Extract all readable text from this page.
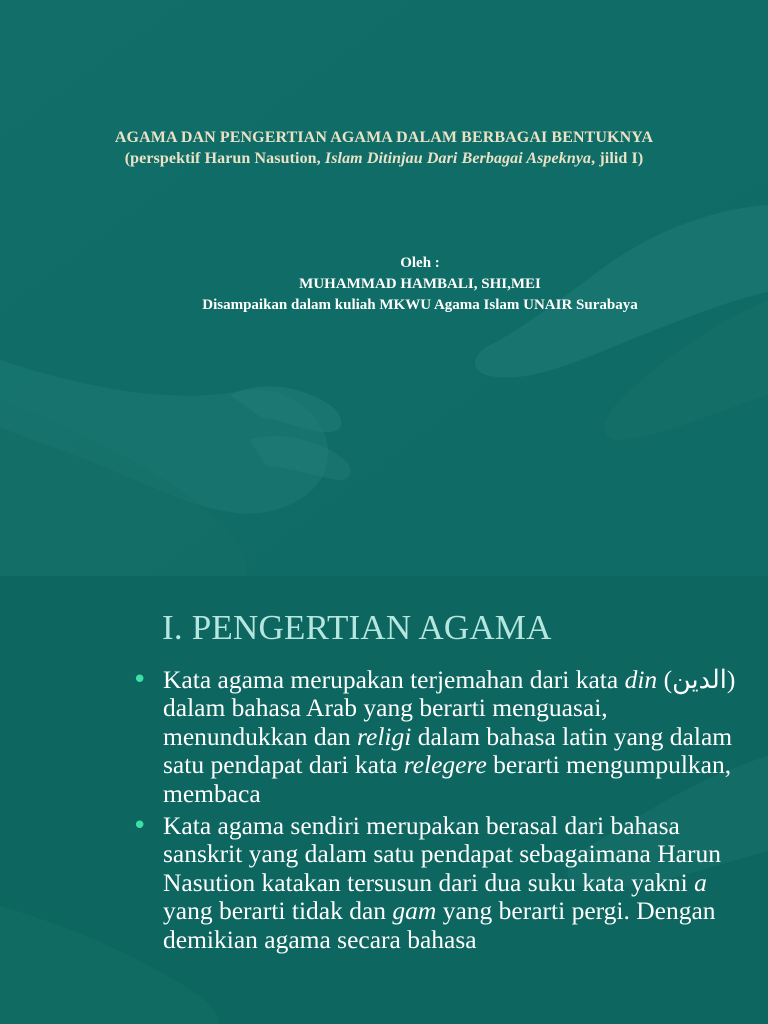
AGAMA DAN PENGERTIAN AGAMA DALAM BERBAGAI BENTUKNYA
(perspektif Harun Nasution, Islam Ditinjau Dari Berbagai Aspeknya, jilid I)
Oleh :
MUHAMMAD HAMBALI, SHI,MEI
Disampaikan dalam kuliah MKWU Agama Islam UNAIR Surabaya
I. PENGERTIAN AGAMA
• Kata agama merupakan terjemahan dari kata din (الدين) dalam bahasa Arab yang berarti menguasai, menundukkan dan religi dalam bahasa latin yang dalam satu pendapat dari kata relegere berarti mengumpulkan, membaca
• Kata agama sendiri merupakan berasal dari bahasa sanskrit yang dalam satu pendapat sebagaimana Harun Nasution katakan tersusun dari dua suku kata yakni a yang berarti tidak dan gam yang berarti pergi. Dengan demikian agama secara bahasa
